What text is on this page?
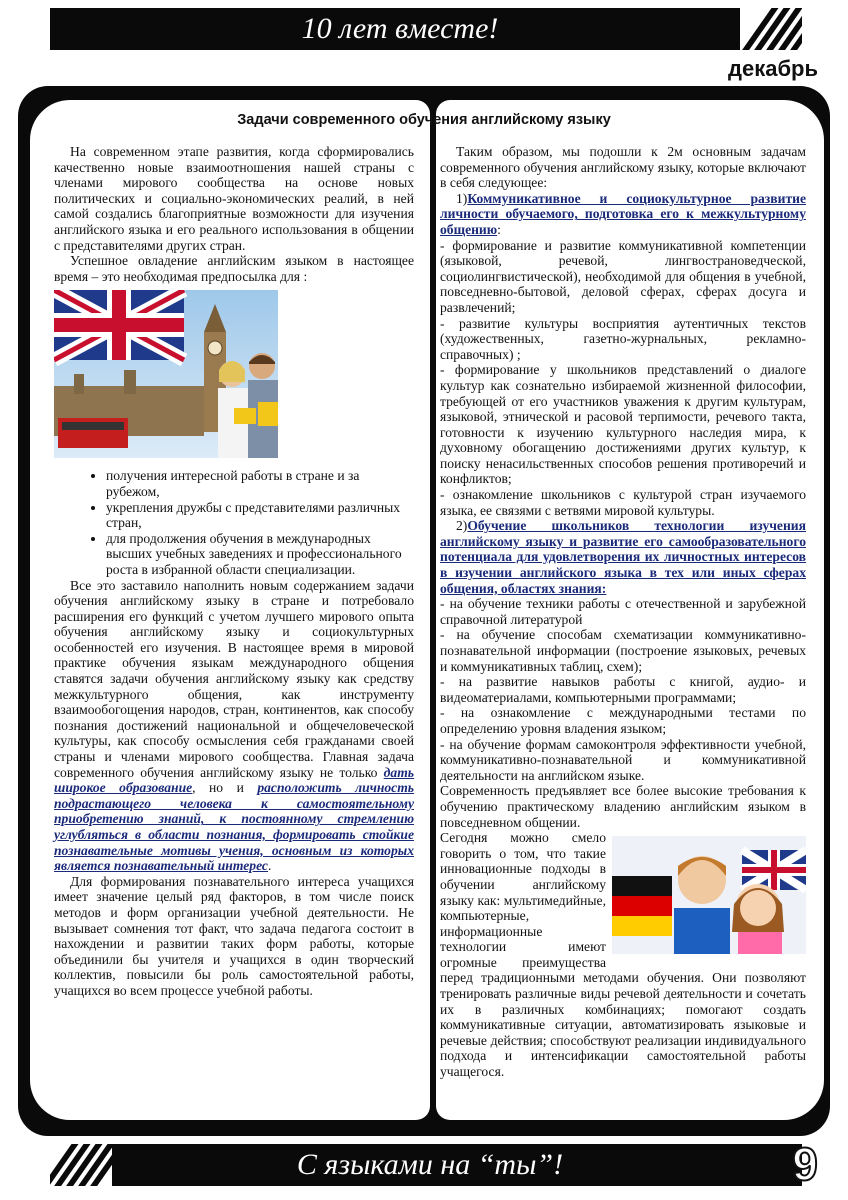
10 лет вместе!
декабрь
Задачи современного обучения английскому языку

На современном этапе развития, когда сформировались качественно новые взаимоотношения нашей страны с членами мирового сообщества на основе новых политических и социально-экономических реалий, в ней самой создались благоприятные возможности для изучения английского языка и его реального использования в общении с представителями других стран.

Успешное овладение английским языком в настоящее время – это необходимая предпосылка для :

• получения интересной работы в стране и за рубежом,
• укрепления дружбы с представителями различных стран,
• для продолжения обучения в международных высших учебных заведениях и профессионального роста в избранной области специализации.

Все это заставило наполнить новым содержанием задачи обучения английскому языку в стране и потребовало расширения его функций с учетом лучшего мирового опыта обучения английскому языку и социокультурных особенностей его изучения. В настоящее время в мировой практике обучения языкам международного общения ставятся задачи обучения английскому языку как средству межкультурного общения, как инструменту взаимообогощения народов, стран, континентов, как способу познания достижений национальной и общечеловеческой культуры, как способу осмысления себя гражданами своей страны и членами мирового сообщества. Главная задача современного обучения английскому языку не только дать широкое образование, но и расположить личность подрастающего человека к самостоятельному приобретению знаний, к постоянному стремлению углубляться в области познания, формировать стойкие познавательные мотивы учения, основным из которых является познавательный интерес.

Для формирования познавательного интереса учащихся имеет значение целый ряд факторов, в том числе поиск методов и форм организации учебной деятельности. Не вызывает сомнения тот факт, что задача педагога состоит в нахождении и развитии таких форм работы, которые объединили бы учителя и учащихся в один творческий коллектив, повысили бы роль самостоятельной работы, учащихся во всем процессе учебной работы.

Таким образом, мы подошли к 2м основным задачам современного обучения английскому языку, которые включают в себя следующее:

1)Коммуникативное и социокультурное развитие личности обучаемого, подготовка его к межкультурному общению:

- формирование и развитие коммуникативной компетенции (языковой, речевой, лингвострановедческой, социолингвистической), необходимой для общения в учебной, повседневно-бытовой, деловой сферах, сферах досуга и развлечений;

- развитие культуры восприятия аутентичных текстов (художественных, газетно-журнальных, рекламно-справочных) ;

- формирование у школьников представлений о диалоге культур как сознательно избираемой жизненной философии, требующей от его участников уважения к другим культурам, языковой, этнической и расовой терпимости, речевого такта, готовности к изучению культурного наследия мира, к духовному обогащению достижениями других культур, к поиску ненасильственных способов решения противоречий и конфликтов;

- ознакомление школьников с культурой стран изучаемого языка, ее связями с ветвями мировой культуры.

2)Обучение школьников технологии изучения английскому языку и развитие его самообразовательного потенциала для удовлетворения их личностных интересов в изучении английского языка в тех или иных сферах общения, областях знания:

- на обучение техники работы с отечественной и зарубежной справочной литературой

- на обучение способам схематизации коммуникативно-познавательной информации (построение языковых, речевых и коммуникативных таблиц, схем);

- на развитие навыков работы с книгой, аудио- и видеоматериалами, компьютерными программами;

- на ознакомление с международными тестами по определению уровня владения языком;

- на обучение формам самоконтроля эффективности учебной, коммуникативно-познавательной и коммуникативной деятельности на английском языке.

Современность предъявляет все более высокие требования к обучению практическому владению английским языком в повседневном общении.

Сегодня можно смело говорить о том, что такие инновационные подходы в обучении английскому языку как: мультимедийные, компьютерные, информационные технологии имеют огромные преимущества перед традиционными методами обучения. Они позволяют тренировать различные виды речевой деятельности и сочетать их в различных комбинациях; помогают создать коммуникативные ситуации, автоматизировать языковые и речевые действия; способствуют реализации индивидуального подхода и интенсификации самостоятельной работы учащегося.

С языками на “ты”!	9
